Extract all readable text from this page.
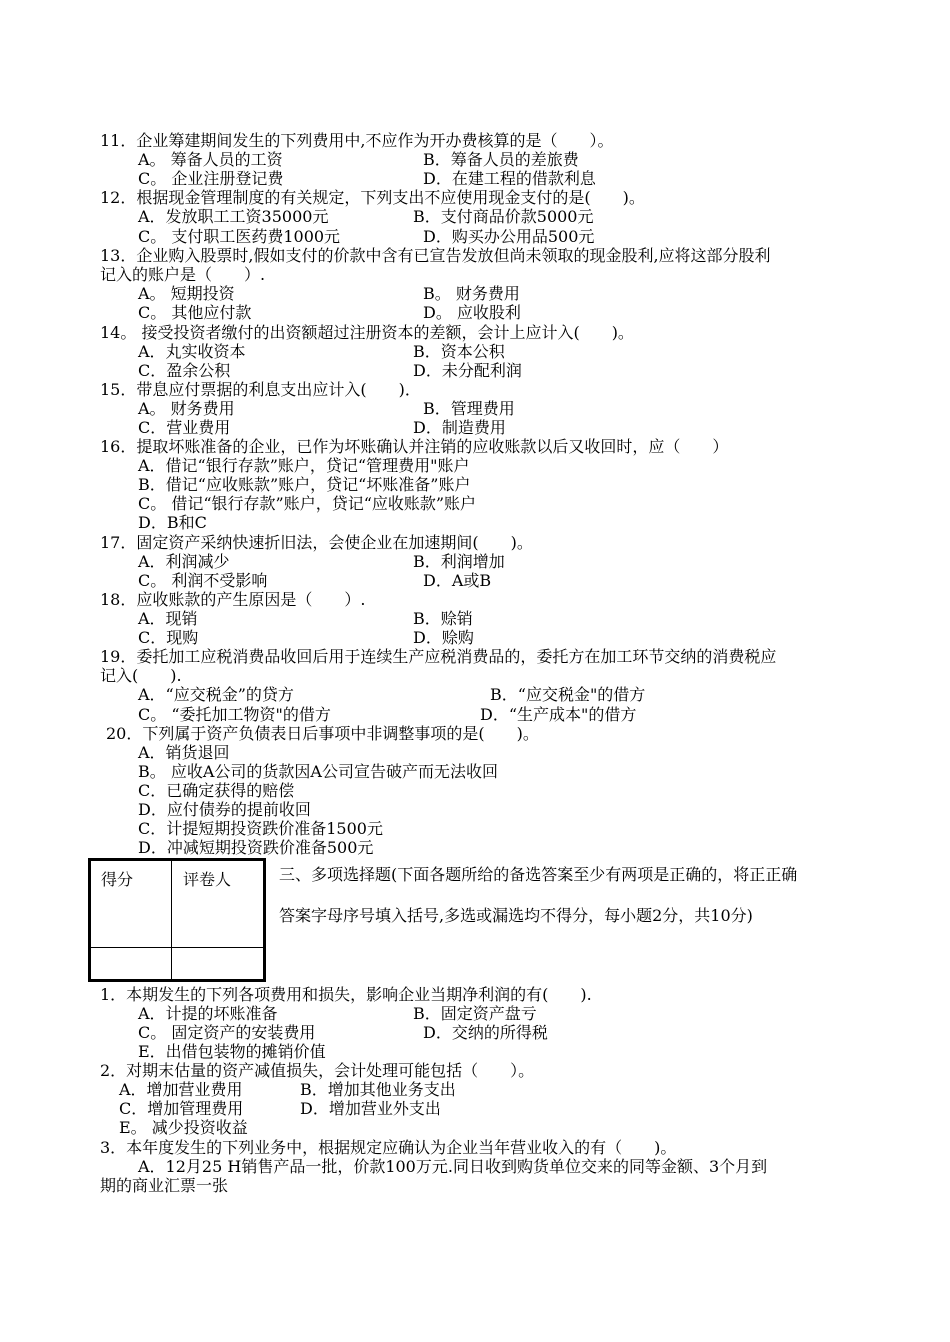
11．企业筹建期间发生的下列费用中,不应作为开办费核算的是（　　）。
A。 筹备人员的工资	B．筹备人员的差旅费
C。 企业注册登记费	D．在建工程的借款利息
12．根据现金管理制度的有关规定，下列支出不应使用现金支付的是(　　)。
A．发放职工工资35000元	B．支付商品价款5000元
C。 支付职工医药费1000元	D．购买办公用品500元
13．企业购入股票时,假如支付的价款中含有已宣告发放但尚未领取的现金股利,应将这部分股利
记入的账户是（　　）.
A。 短期投资	B。 财务费用
C。 其他应付款	D。 应收股利
14。 接受投资者缴付的出资额超过注册资本的差额，会计上应计入(　　)。
A．丸实收资本	B．资本公积
C．盈余公积	D．未分配利润
15．带息应付票据的利息支出应计入(　　)．
A。 财务费用	B．管理费用
C．营业费用	D．制造费用
16．提取坏账准备的企业，已作为坏账确认并注销的应收账款以后又收回时，应（　　）
A．借记“银行存款”账户，贷记“管理费用"账户
B．借记“应收账款”账户，贷记“坏账准备”账户
C。 借记“银行存款”账户，贷记“应收账款”账户
D．B和C
17．固定资产采纳快速折旧法，会使企业在加速期间(　　)。
A．利润减少	B．利润增加
C。 利润不受影响	D．A或B
18．应收账款的产生原因是（　　）.
A．现销	B．赊销
C．现购	D．赊购
19．委托加工应税消费品收回后用于连续生产应税消费品的，委托方在加工环节交纳的消费税应
记入(　　).
A．“应交税金”的贷方	B．“应交税金"的借方
C。 “委托加工物资"的借方	D．“生产成本"的借方
20．下列属于资产负债表日后事项中非调整事项的是(　　)。
A．销货退回
B。 应收A公司的货款因A公司宣告破产而无法收回
C．已确定获得的赔偿
D．应付债券的提前收回
C．计提短期投资跌价准备1500元
D．冲减短期投资跌价准备500元
得分	评卷人	三、多项选择题(下面各题所给的备选答案至少有两项是正确的，将正正确
答案字母序号填入括号,多选或漏选均不得分，每小题2分，共10分)
1．本期发生的下列各项费用和损失，影响企业当期净利润的有(　　).
A．计提的坏账准备	B．固定资产盘亏
C。 固定资产的安装费用	D．交纳的所得税
E．出借包装物的摊销价值
2．对期末估量的资产减值损失，会计处理可能包括（　　）。
A．增加营业费用	B．增加其他业务支出
C．增加管理费用	D．增加营业外支出
E。 减少投资收益
3．本年度发生的下列业务中，根据规定应确认为企业当年营业收入的有（　　)。
A．12月25 H销售产品一批，价款100万元.同日收到购货单位交来的同等金额、3个月到
期的商业汇票一张
